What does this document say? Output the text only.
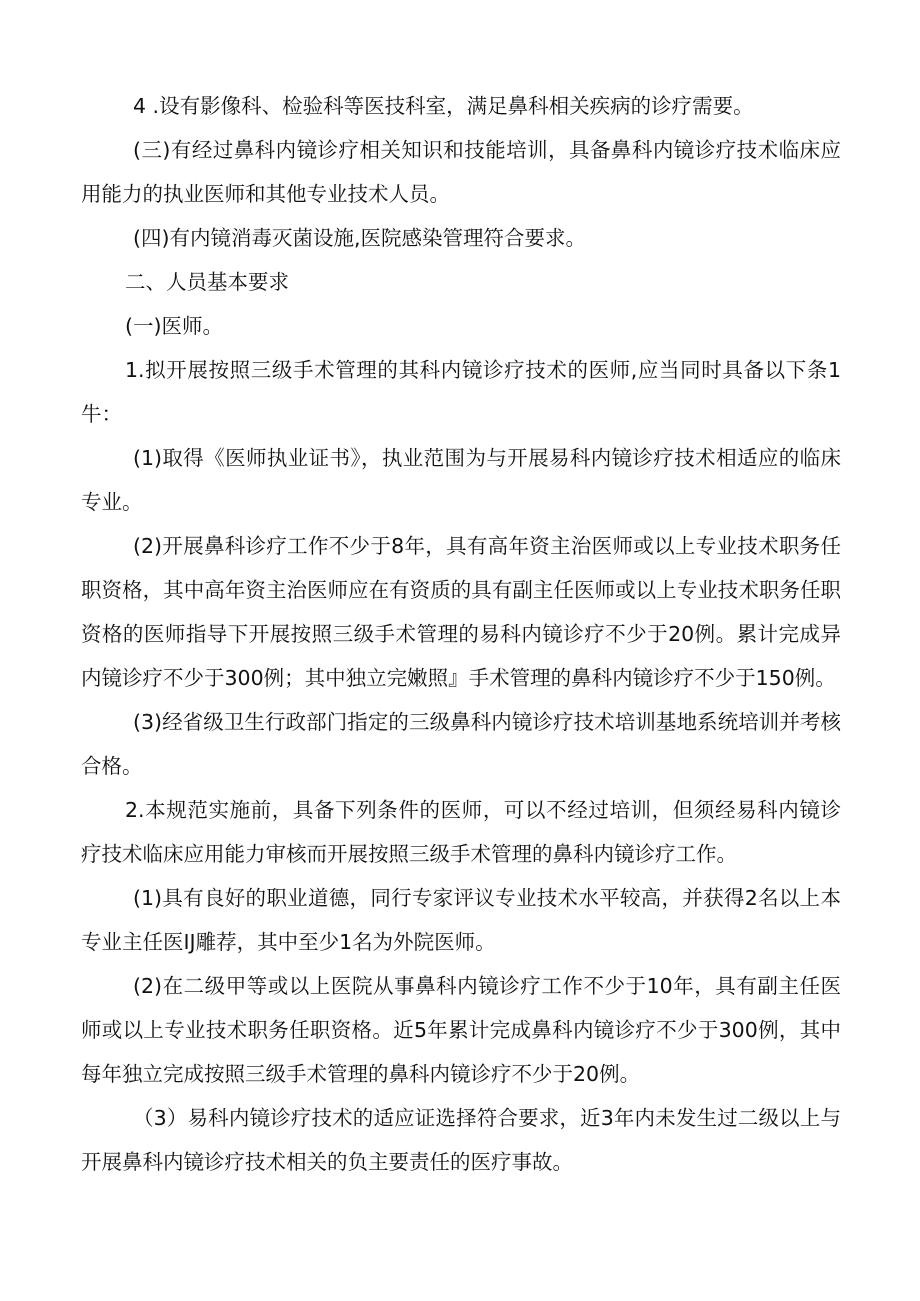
4 .设有影像科、检验科等医技科室，满足鼻科相关疾病的诊疗需要。

(三)有经过鼻科内镜诊疗相关知识和技能培训，具备鼻科内镜诊疗技术临床应用能力的执业医师和其他专业技术人员。

(四)有内镜消毒灭菌设施,医院感染管理符合要求。

二、人员基本要求

(一)医师。

1.拟开展按照三级手术管理的其科内镜诊疗技术的医师,应当同时具备以下条1牛：

(1)取得《医师执业证书》，执业范围为与开展易科内镜诊疗技术相适应的临床专业。

(2)开展鼻科诊疗工作不少于8年，具有高年资主治医师或以上专业技术职务任职资格，其中高年资主治医师应在有资质的具有副主任医师或以上专业技术职务任职资格的医师指导下开展按照三级手术管理的易科内镜诊疗不少于20例。累计完成异内镜诊疗不少于300例；其中独立完嫩照』手术管理的鼻科内镜诊疗不少于150例。

(3)经省级卫生行政部门指定的三级鼻科内镜诊疗技术培训基地系统培训并考核合格。

2.本规范实施前，具备下列条件的医师，可以不经过培训，但须经易科内镜诊疗技术临床应用能力审核而开展按照三级手术管理的鼻科内镜诊疗工作。

(1)具有良好的职业道德，同行专家评议专业技术水平较高，并获得2名以上本专业主任医IJ雕荐，其中至少1名为外院医师。

(2)在二级甲等或以上医院从事鼻科内镜诊疗工作不少于10年，具有副主任医师或以上专业技术职务任职资格。近5年累计完成鼻科内镜诊疗不少于300例，其中每年独立完成按照三级手术管理的鼻科内镜诊疗不少于20例。

（3）易科内镜诊疗技术的适应证选择符合要求，近3年内未发生过二级以上与开展鼻科内镜诊疗技术相关的负主要责任的医疗事故。
